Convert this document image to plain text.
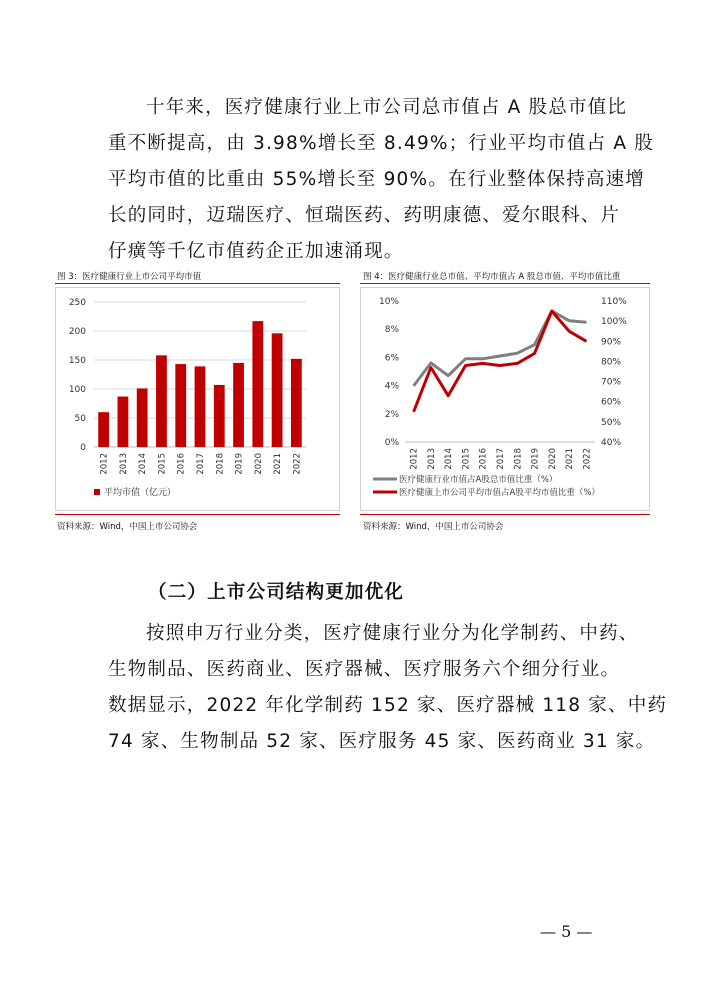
十年来，医疗健康行业上市公司总市值占 A 股总市值比
重不断提高，由 3.98%增长至 8.49%；行业平均市值占 A 股
平均市值的比重由 55%增长至 90%。在行业整体保持高速增
长的同时，迈瑞医疗、恒瑞医药、药明康德、爱尔眼科、片
仔癀等千亿市值药企正加速涌现。
图 3：医疗健康行业上市公司平均市值
0
50
100
150
200
250
2012 2013 2014 2015 2016 2017 2018 2019 2020 2021 2022
平均市值（亿元）
资料来源：Wind，中国上市公司协会
图 4：医疗健康行业总市值、平均市值占 A 股总市值、平均市值比重
0%
2%
4%
6%
8%
10%
40%
50%
60%
70%
80%
90%
100%
110%
2012 2013 2014 2015 2016 2017 2018 2019 2020 2021 2022
医疗健康行业市值占A股总市值比重（%）
医疗健康上市公司平均市值占A股平均市值比重（%）
资料来源：Wind，中国上市公司协会
（二）上市公司结构更加优化
按照申万行业分类，医疗健康行业分为化学制药、中药、
生物制品、医药商业、医疗器械、医疗服务六个细分行业。
数据显示，2022 年化学制药 152 家、医疗器械 118 家、中药
74 家、生物制品 52 家、医疗服务 45 家、医药商业 31 家。
— 5 —
